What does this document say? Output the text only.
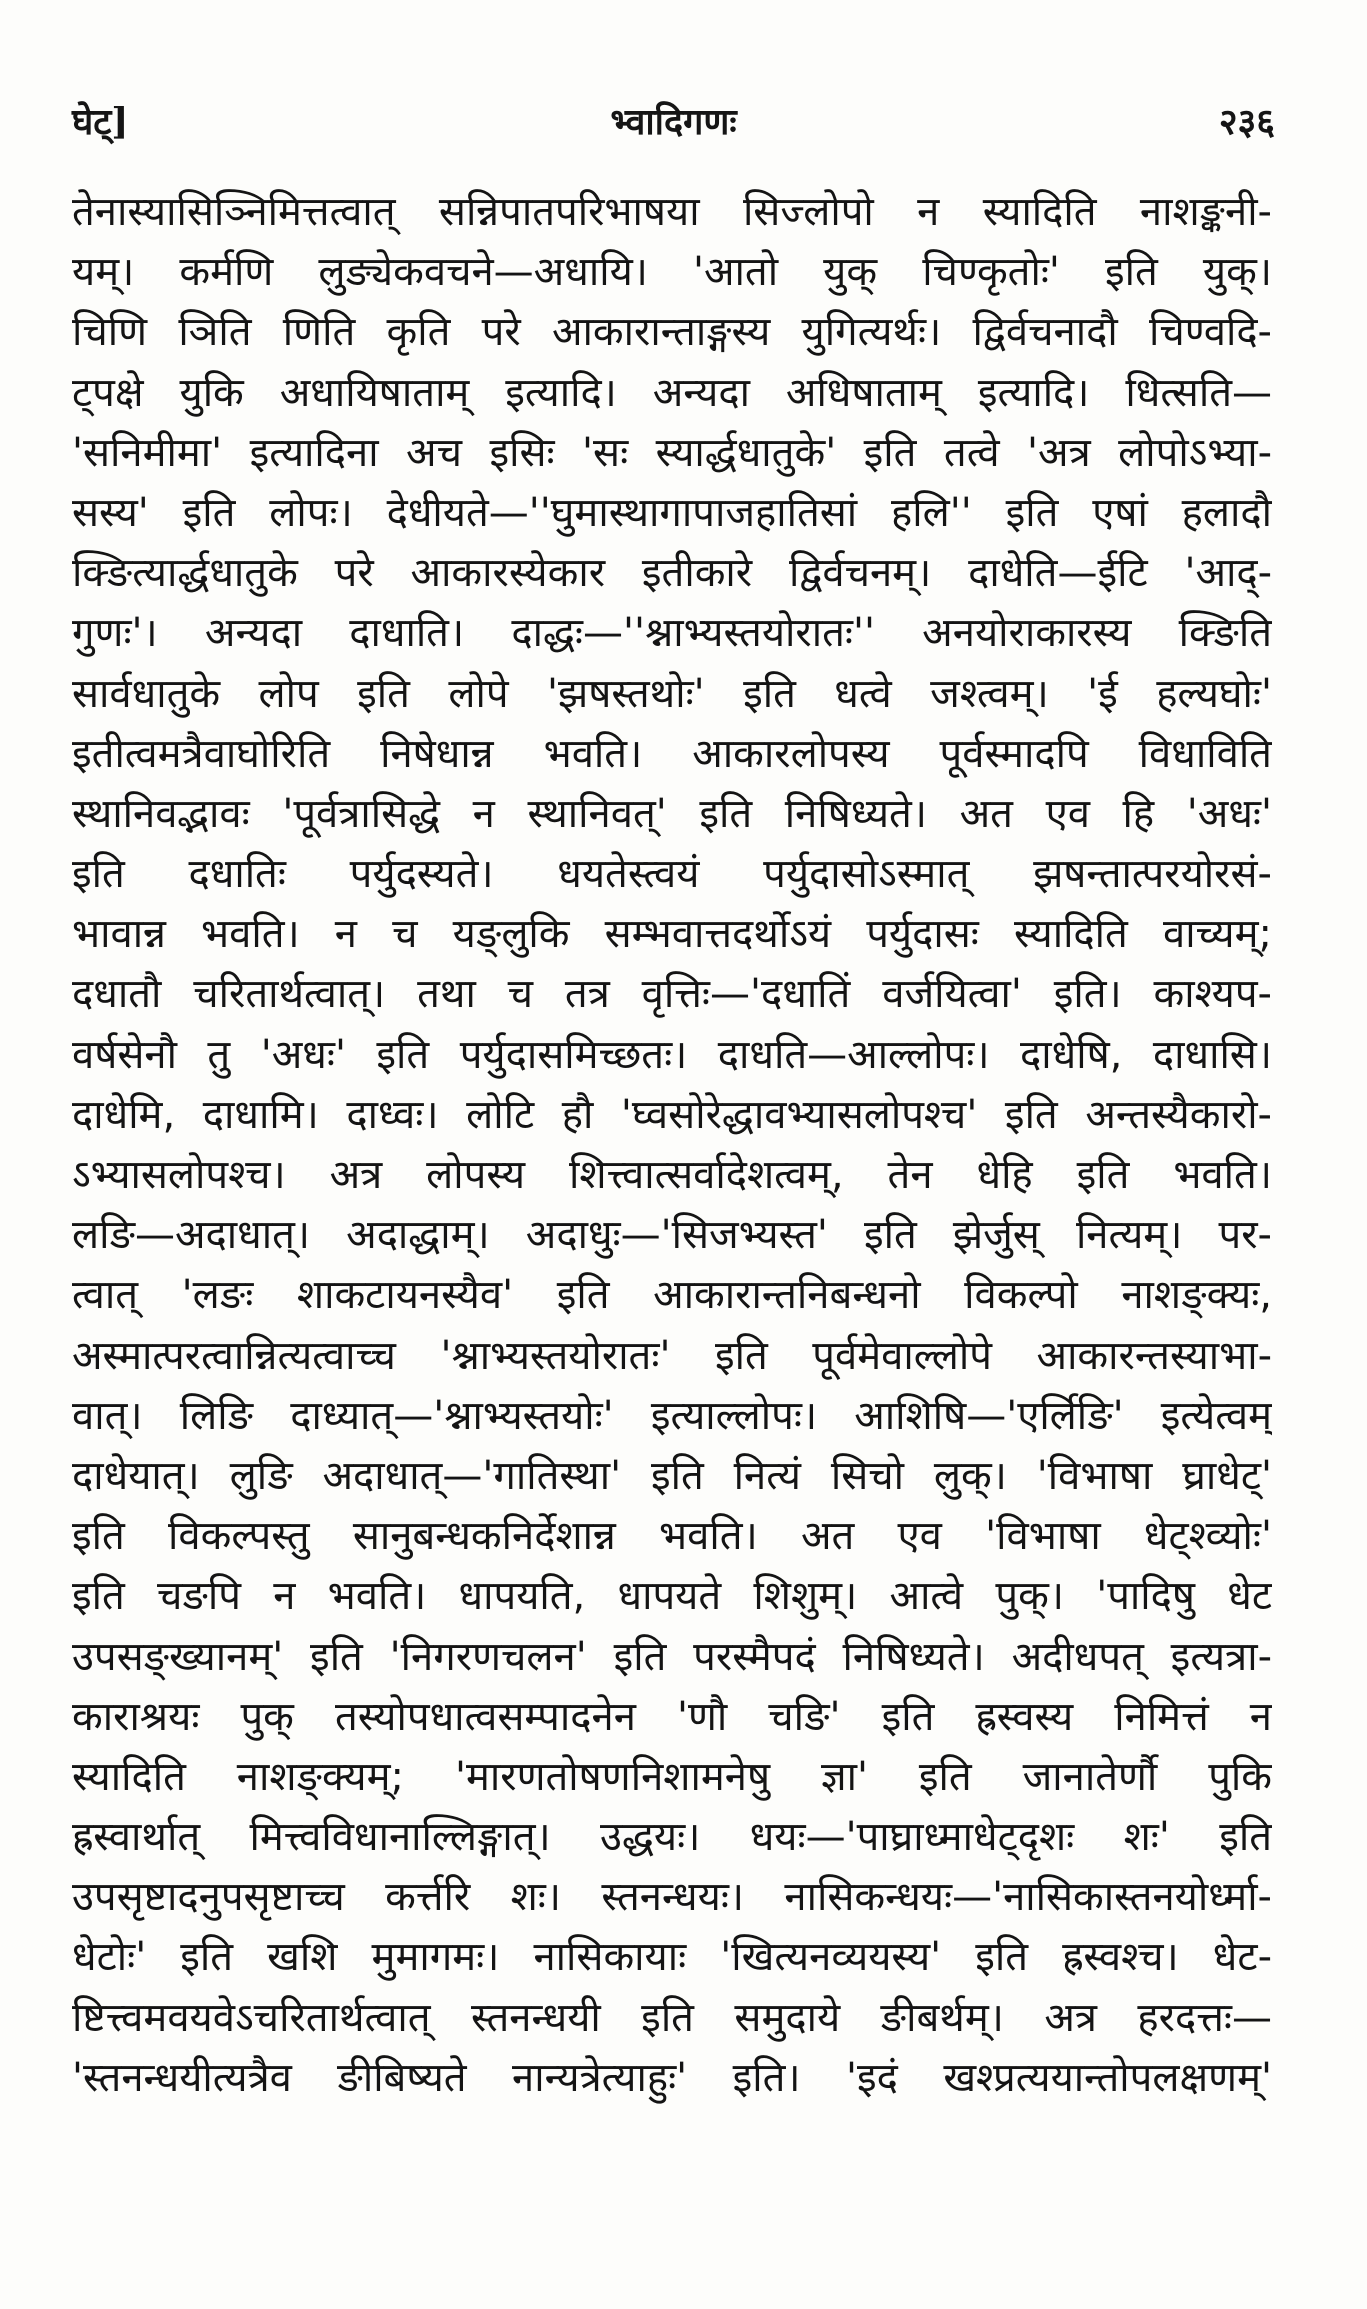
घेट्]	भ्वादिगणः	२३६
तेनास्यासिञ्निमित्तत्वात् सन्निपातपरिभाषया सिज्लोपो न स्यादिति नाशङ्कनी-
यम्। कर्मणि लुङ्येकवचने—अधायि। 'आतो युक् चिण्कृतोः' इति युक्।
चिणि ञिति णिति कृति परे आकारान्ताङ्गस्य युगित्यर्थः। द्विर्वचनादौ चिण्वदि-
ट्पक्षे युकि अधायिषाताम् इत्यादि। अन्यदा अधिषाताम् इत्यादि। धित्सति—
'सनिमीमा' इत्यादिना अच इसिः 'सः स्यार्द्धधातुके' इति तत्वे 'अत्र लोपोऽभ्या-
सस्य' इति लोपः। देधीयते—''घुमास्थागापाजहातिसां हलि'' इति एषां हलादौ
क्ङित्यार्द्धधातुके परे आकारस्येकार इतीकारे द्विर्वचनम्। दाधेति—ईटि 'आद्-
गुणः'। अन्यदा दाधाति। दाद्धः—''श्नाभ्यस्तयोरातः'' अनयोराकारस्य क्ङिति
सार्वधातुके लोप इति लोपे 'झषस्तथोः' इति धत्वे जश्त्वम्। 'ई हल्यघोः'
इतीत्वमत्रैवाघोरिति निषेधान्न भवति। आकारलोपस्य पूर्वस्मादपि विधाविति
स्थानिवद्भावः 'पूर्वत्रासिद्धे न स्थानिवत्' इति निषिध्यते। अत एव हि 'अधः'
इति दधातिः पर्युदस्यते। धयतेस्त्वयं पर्युदासोऽस्मात् झषन्तात्परयोरसं-
भावान्न भवति। न च यङ्लुकि सम्भवात्तदर्थोऽयं पर्युदासः स्यादिति वाच्यम्;
दधातौ चरितार्थत्वात्। तथा च तत्र वृत्तिः—'दधातिं वर्जयित्वा' इति। काश्यप-
वर्षसेनौ तु 'अधः' इति पर्युदासमिच्छतः। दाधति—आल्लोपः। दाधेषि, दाधासि।
दाधेमि, दाधामि। दाध्वः। लोटि हौ 'घ्वसोरेद्धावभ्यासलोपश्च' इति अन्तस्यैकारो-
ऽभ्यासलोपश्च। अत्र लोपस्य शित्त्वात्सर्वादेशत्वम्, तेन धेहि इति भवति।
लङि—अदाधात्। अदाद्धाम्। अदाधुः—'सिजभ्यस्त' इति झेर्जुस् नित्यम्। पर-
त्वात् 'लङः शाकटायनस्यैव' इति आकारान्तनिबन्धनो विकल्पो नाशङ्क्यः,
अस्मात्परत्वान्नित्यत्वाच्च 'श्नाभ्यस्तयोरातः' इति पूर्वमेवाल्लोपे आकारन्तस्याभा-
वात्। लिङि दाध्यात्—'श्नाभ्यस्तयोः' इत्याल्लोपः। आशिषि—'एर्लिङि' इत्येत्वम्
दाधेयात्। लुङि अदाधात्—'गातिस्था' इति नित्यं सिचो लुक्। 'विभाषा घ्राधेट्'
इति विकल्पस्तु सानुबन्धकनिर्देशान्न भवति। अत एव 'विभाषा धेट्श्व्योः'
इति चङपि न भवति। धापयति, धापयते शिशुम्। आत्वे पुक्। 'पादिषु धेट
उपसङ्ख्यानम्' इति 'निगरणचलन' इति परस्मैपदं निषिध्यते। अदीधपत् इत्यत्रा-
काराश्रयः पुक् तस्योपधात्वसम्पादनेन 'णौ चङि' इति ह्रस्वस्य निमित्तं न
स्यादिति नाशङ्क्यम्; 'मारणतोषणनिशामनेषु ज्ञा' इति जानातेर्णौ पुकि
ह्रस्वार्थात् मित्त्वविधानाल्लिङ्गात्। उद्धयः। धयः—'पाघ्राध्माधेट्दृशः शः' इति
उपसृष्टादनुपसृष्टाच्च कर्त्तरि शः। स्तनन्धयः। नासिकन्धयः—'नासिकास्तनयोर्ध्मा-
धेटोः' इति खशि मुमागमः। नासिकायाः 'खित्यनव्ययस्य' इति ह्रस्वश्च। धेट-
ष्टित्त्वमवयवेऽचरितार्थत्वात् स्तनन्धयी इति समुदाये ङीबर्थम्। अत्र हरदत्तः—
'स्तनन्धयीत्यत्रैव ङीबिष्यते नान्यत्रेत्याहुः' इति। 'इदं खश्प्रत्ययान्तोपलक्षणम्'
